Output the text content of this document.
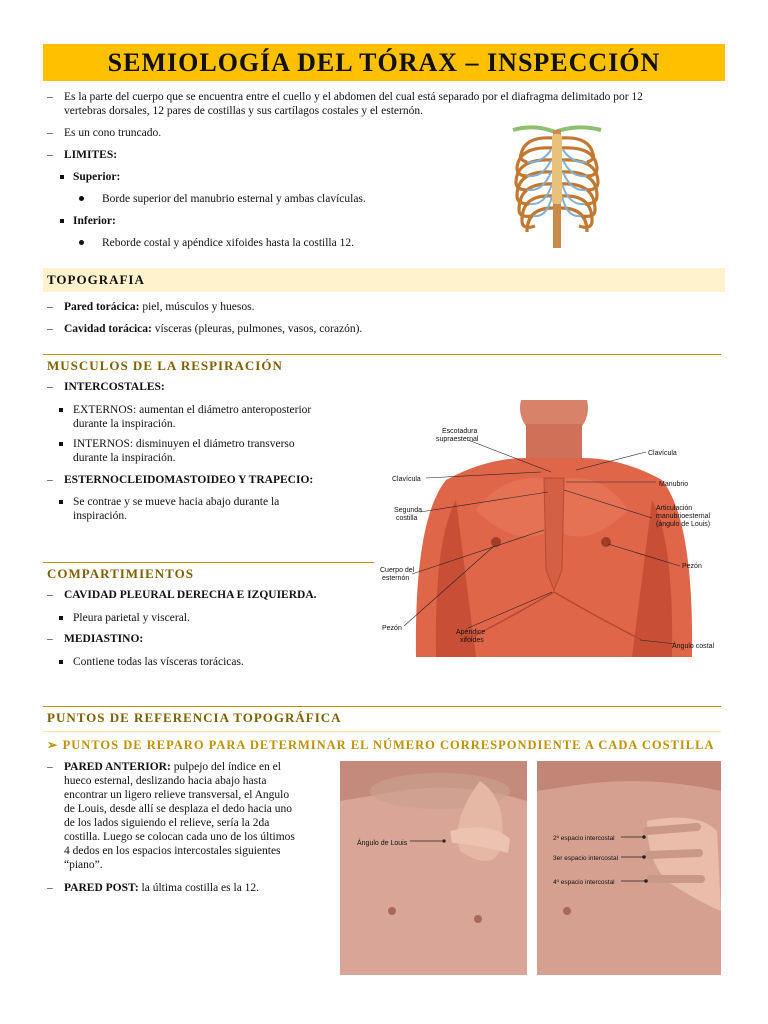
SEMIOLOGÍA DEL TÓRAX – INSPECCIÓN
– Es la parte del cuerpo que se encuentra entre el cuello y el abdomen del cual está separado por el diafragma delimitado por 12
vertebras dorsales, 12 pares de costillas y sus cartílagos costales y el esternón.
– Es un cono truncado.
– LIMITES:
Superior:
Borde superior del manubrio esternal y ambas clavículas.
Inferior:
Reborde costal y apéndice xifoides hasta la costilla 12.
TOPOGRAFIA
– Pared torácica: piel, músculos y huesos.
– Cavidad torácica: vísceras (pleuras, pulmones, vasos, corazón).
MUSCULOS DE LA RESPIRACIÓN
– INTERCOSTALES:
EXTERNOS: aumentan el diámetro anteroposterior
durante la inspiración.
INTERNOS: disminuyen el diámetro transverso
durante la inspiración.
– ESTERNOCLEIDOMASTOIDEO Y TRAPECIO:
Se contrae y se mueve hacia abajo durante la
inspiración.
COMPARTIMIENTOS
– CAVIDAD PLEURAL DERECHA E IZQUIERDA.
Pleura parietal y visceral.
– MEDIASTINO:
Contiene todas las vísceras torácicas.
Escotadura
supraesternal
Clavícula
Clavícula
Manubrio
Segunda
costilla
Articulación
manubrioesternal
(ángulo de Louis)
Cuerpo del
esternón
Pezón
Pezón
Apéndice
xifoides
Ángulo costal
PUNTOS DE REFERENCIA TOPOGRÁFICA
➢ PUNTOS DE REPARO PARA DETERMINAR EL NÚMERO CORRESPONDIENTE A CADA COSTILLA
– PARED ANTERIOR: pulpejo del índice en el
hueco esternal, deslizando hacia abajo hasta
encontrar un ligero relieve transversal, el Angulo
de Louis, desde allí se desplaza el dedo hacia uno
de los lados siguiendo el relieve, sería la 2da
costilla. Luego se colocan cada uno de los últimos
4 dedos en los espacios intercostales siguientes
“piano”.
– PARED POST: la última costilla es la 12.
Ángulo de Louis
2º espacio intercostal
3er espacio intercostal
4º espacio intercostal
